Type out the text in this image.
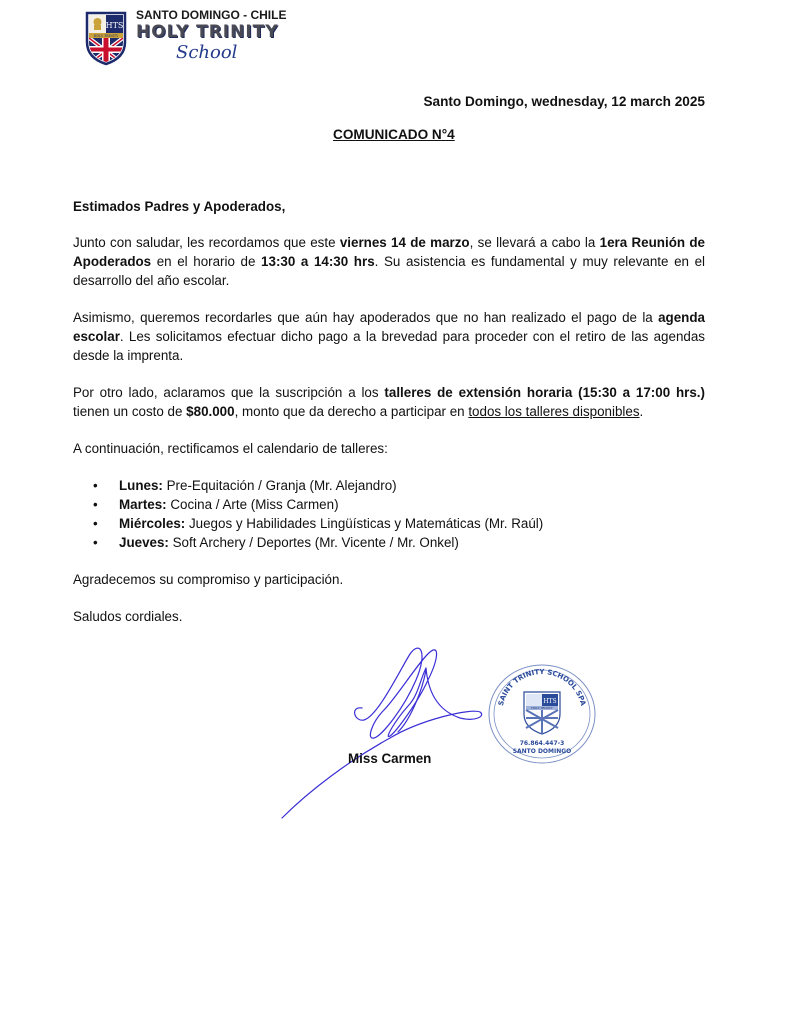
HTS
HOLY TRINITY
SANTO DOMINGO - CHILE
HOLY TRINITY
School
Santo Domingo, wednesday, 12 march 2025
COMUNICADO N°4

Estimados Padres y Apoderados,

Junto con saludar, les recordamos que este viernes 14 de marzo, se llevará a cabo la 1era Reunión de Apoderados en el horario de 13:30 a 14:30 hrs. Su asistencia es fundamental y muy relevante en el desarrollo del año escolar.

Asimismo, queremos recordarles que aún hay apoderados que no han realizado el pago de la agenda escolar. Les solicitamos efectuar dicho pago a la brevedad para proceder con el retiro de las agendas desde la imprenta.

Por otro lado, aclaramos que la suscripción a los talleres de extensión horaria (15:30 a 17:00 hrs.) tienen un costo de $80.000, monto que da derecho a participar en todos los talleres disponibles.

A continuación, rectificamos el calendario de talleres:

• Lunes: Pre-Equitación / Granja (Mr. Alejandro)
• Martes: Cocina / Arte (Miss Carmen)
• Miércoles: Juegos y Habilidades Lingüísticas y Matemáticas (Mr. Raúl)
• Jueves: Soft Archery / Deportes (Mr. Vicente / Mr. Onkel)

Agradecemos su compromiso y participación.

Saludos cordiales.

Miss Carmen
SAINT TRINITY SCHOOL SPA
HTS
HOLY TRINITY
76.864.447-3
SANTO DOMINGO
